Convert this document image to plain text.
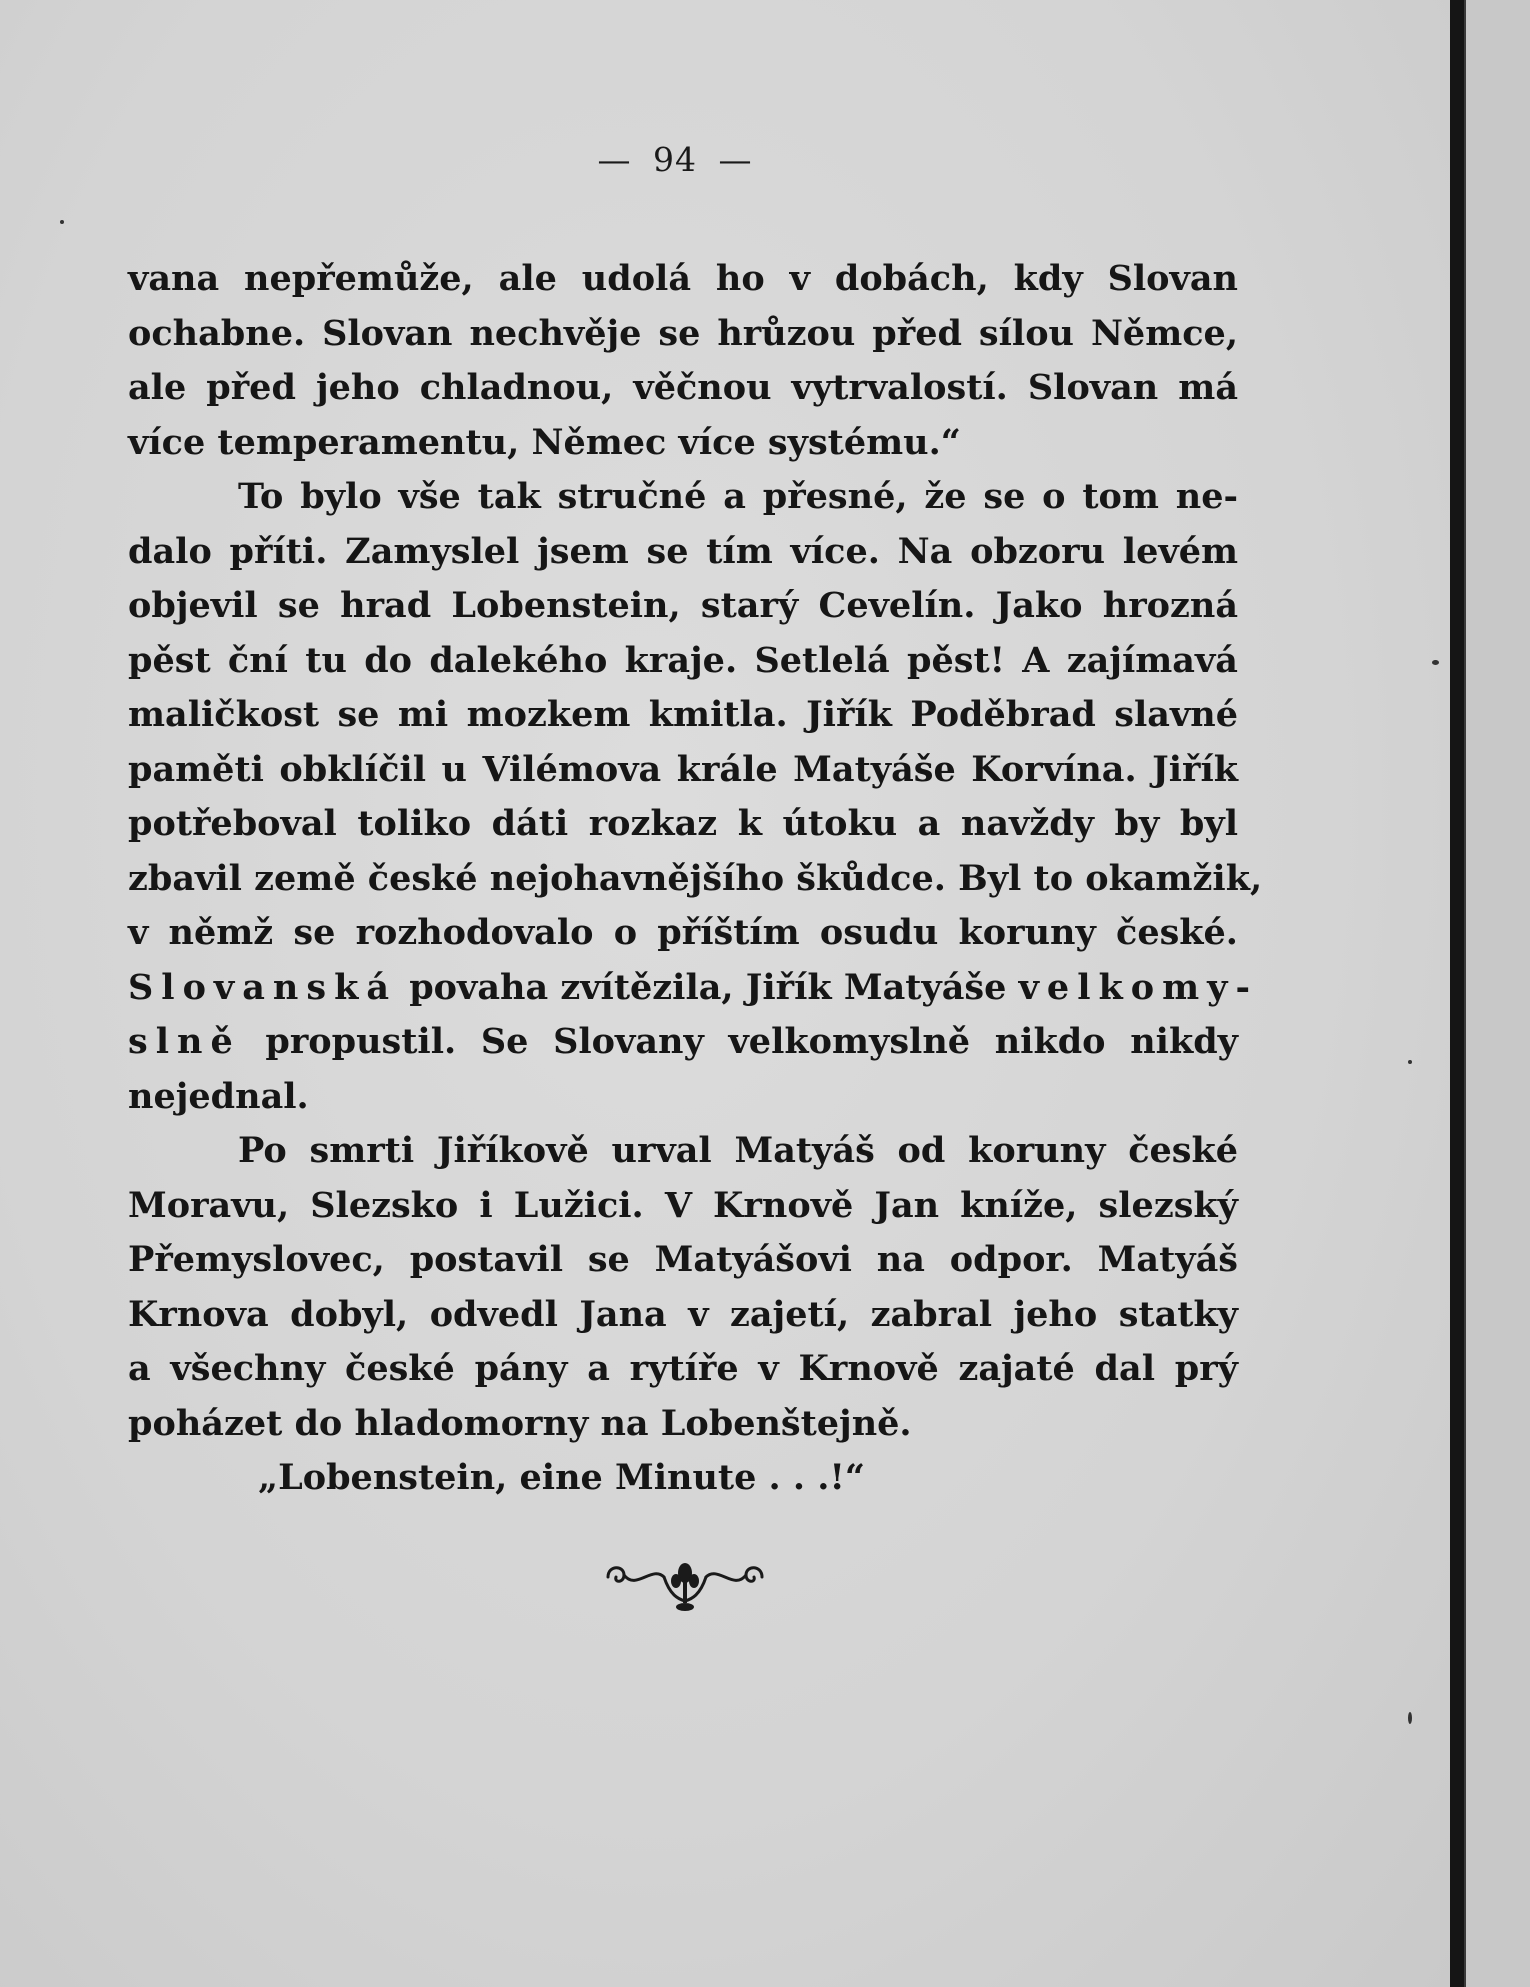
— 94 —
vana nepřemůže, ale udolá ho v dobách, kdy Slovan
ochabne. Slovan nechvěje se hrůzou před sílou Němce,
ale před jeho chladnou, věčnou vytrvalostí. Slovan má
více temperamentu, Němec více systému.“
To bylo vše tak stručné a přesné, že se o tom ne-
dalo příti. Zamyslel jsem se tím více. Na obzoru levém
objevil se hrad Lobenstein, starý Cevelín. Jako hrozná
pěst ční tu do dalekého kraje. Setlelá pěst! A zajímavá
maličkost se mi mozkem kmitla. Jiřík Poděbrad slavné
paměti obklíčil u Vilémova krále Matyáše Korvína. Jiřík
potřeboval toliko dáti rozkaz k útoku a navždy by byl
zbavil země české nejohavnějšího škůdce. Byl to okamžik,
v němž se rozhodovalo o příštím osudu koruny české.
Slovanská povaha zvítězila, Jiřík Matyáše velkomy-
slně propustil. Se Slovany velkomyslně nikdo nikdy
nejednal.
Po smrti Jiříkově urval Matyáš od koruny české
Moravu, Slezsko i Lužici. V Krnově Jan kníže, slezský
Přemyslovec, postavil se Matyášovi na odpor. Matyáš
Krnova dobyl, odvedl Jana v zajetí, zabral jeho statky
a všechny české pány a rytíře v Krnově zajaté dal prý
poházet do hladomorny na Lobenštejně.
„Lobenstein, eine Minute . . .!“
